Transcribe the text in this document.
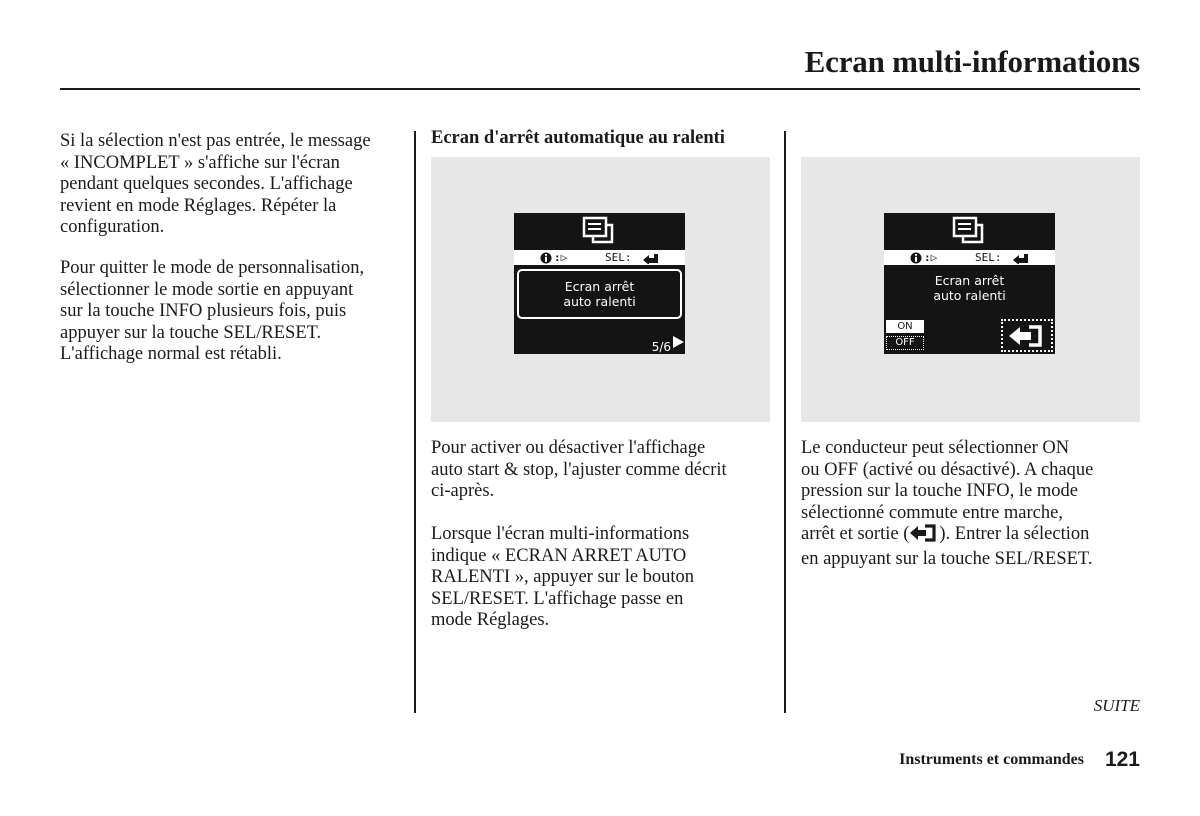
Ecran multi-informations

Si la sélection n'est pas entrée, le message
« INCOMPLET » s'affiche sur l'écran
pendant quelques secondes. L'affichage
revient en mode Réglages. Répéter la
configuration.

Pour quitter le mode de personnalisation,
sélectionner le mode sortie en appuyant
sur la touche INFO plusieurs fois, puis
appuyer sur la touche SEL/RESET.
L'affichage normal est rétabli.

Ecran d'arrêt automatique au ralenti
:▷	SEL:
Ecran arrêt
auto ralenti
5/6

Pour activer ou désactiver l'affichage
auto start & stop, l'ajuster comme décrit
ci-après.

Lorsque l'écran multi-informations
indique « ECRAN ARRET AUTO
RALENTI », appuyer sur le bouton
SEL/RESET. L'affichage passe en
mode Réglages.

:▷	SEL:
Ecran arrêt
auto ralenti
ON
OFF

Le conducteur peut sélectionner ON
ou OFF (activé ou désactivé). A chaque
pression sur la touche INFO, le mode
sélectionné commute entre marche,
arrêt et sortie ( ). Entrer la sélection
en appuyant sur la touche SEL/RESET.

SUITE

Instruments et commandes 121
